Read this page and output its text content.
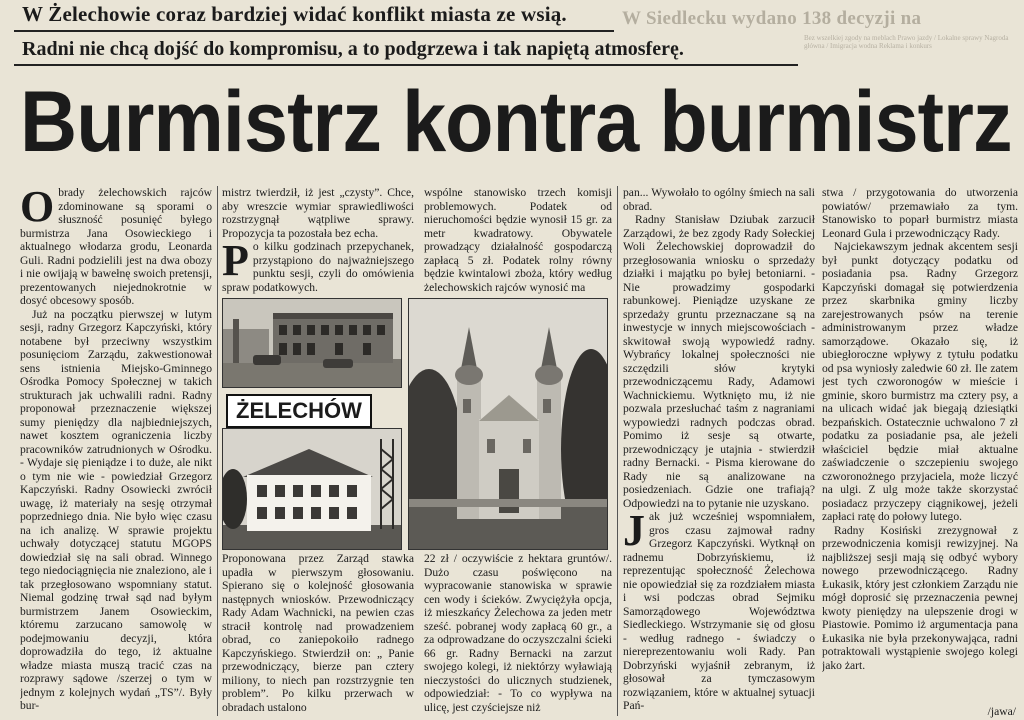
W Siedlecku wydano 138 decyzji na
Bez wszelkiej zgody na meblach Prawo jazdy / Lokalne sprawy Nagroda główna / Imigracja wodna Reklama i konkurs
W Żelechowie coraz bardziej widać konflikt miasta ze wsią.
Radni nie chcą dojść do kompromisu, a to podgrzewa i tak napiętą atmosferę.
Burmistrz kontra burmistrz

Obradу żelechowskich rajców zdominowane są sporami o słuszność posunięć byłego burmistrza Jana Osowieckiego i aktualnego włodarza grodu, Leonarda Guli. Radni podzielili jest na dwa obozy i nie owijają w bawełnę swoich pretensji, prezentowanych niejednokrotnie w dosyć obcesowy sposób.

Już na początku pierwszej w lutym sesji, radny Grzegorz Kapczyński, który notabene był przeciwny wszystkim posunięciom Zarządu, zakwestionował sens istnienia Miejsko-Gminnego Ośrodka Pomocy Społecznej w takich strukturach jak uchwalili radni. Radny proponował przeznaczenie większej sumy pieniędzy dla najbiedniejszych, nawet kosztem ograniczenia liczby pracowników zatrudnionych w Ośrodku. - Wydaje się pieniądze i to duże, ale nikt o tym nie wie - powiedział Grzegorz Kapczyński. Radny Osowiecki zwrócił uwagę, iż materiały na sesję otrzymał poprzedniego dnia. Nie było więc czasu na ich analizę. W sprawie projektu uchwały dotyczącej statutu MGOPS dowiedział się na sali obrad. Winnego tego niedociągnięcia nie znaleziono, ale i tak przegłosowano wspomniany statut. Niemal godzinę trwał sąd nad byłym burmistrzem Janem Osowieckim, któremu zarzucano samowolę w podejmowaniu decyzji, która doprowadziła do tego, iż aktualne władze miasta muszą tracić czas na rozprawy sądowe /szerzej o tym w jednym z kolejnych wydań „TS”/. Były bur-

mistrz twierdził, iż jest „czysty”. Chce, aby wreszcie wymiar sprawiedliwości rozstrzygnął wątpliwe sprawy. Propozycja ta pozostała bez echa.

Po kilku godzinach przepychanek, przystąpiono do najważniejszego punktu sesji, czyli do omówienia spraw podatkowych.

wspólne stanowisko trzech komisji problemowych. Podatek od nieruchomości będzie wynosił 15 gr. za metr kwadratowy. Obywatele prowadzący działalność gospodarczą zapłacą 5 zł. Podatek rolny równy będzie kwintalowi zboża, który według żelechowskich rajców wynosić ma

ŻELECHÓW

Proponowana przez Zarząd stawka upadła w pierwszym głosowaniu. Spierano się o kolejność głosowania następnych wniosków. Przewodniczący Rady Adam Wachnicki, na pewien czas stracił kontrolę nad prowadzeniem obrad, co zaniepokoiło radnego Kapczyńskiego. Stwierdził on: „ Panie przewodniczący, bierze pan czterу miliony, to niech pan rozstrzygnie ten problem”. Po kilku przerwach w obradach ustalono

22 zł / oczywiście z hektara gruntów/. Dużo czasu poświęcono na wypracowanie stanowiska w sprawie cen wody i ścieków. Zwyciężyła opcja, iż mieszkańcy Żelechowa za jeden metr sześć. pobranej wody zapłacą 60 gr., a za odprowadzane do oczyszczalni ścieki 66 gr. Radny Bernacki na zarzut swojego kolegi, iż niektórzy wyławiają nieczystości do ulicznych studzienek, odpowiedział: - To co wypływa na ulicę, jest czyściejsze niż

pan... Wywołało to ogólny śmiech na sali obrad.

Radny Stanisław Dziubak zarzucił Zarządowi, że bez zgody Rady Sołeckiej Woli Żelechowskiej doprowadził do przegłosowania wniosku o sprzedaży działki i majątku po byłej betoniarni. - Nie prowadzimy gospodarki rabunkowej. Pieniądze uzyskane ze sprzedaży gruntu przeznaczane są na inwestycje w innych miejscowościach -skwitował swoją wypowiedź radny. Wybrańcy lokalnej społeczności nie szczędzili słów krytyki przewodniczącemu Rady, Adamowi Wachnickiemu. Wytknięto mu, iż nie pozwala przesłuchać taśm z nagraniami wypowiedzi radnych podczas obrad. Pomimo iż sesje są otwarte, przewodniczący je utajnia - stwierdził radny Bernacki. - Pisma kierowane do Rady nie są analizowane na posiedzeniach. Gdzie one trafiają? Odpowiedzi na to pytanie nie uzyskano.

Jak już wcześniej wspomniałem, gros czasu zajmował radny Grzegorz Kapczyński. Wytknął on radnemu Dobrzyńskiemu, iż reprezentując społeczność Żelechowa nie opowiedział się za rozdziałem miasta i wsi podczas obrad Sejmiku Samorządowego Województwa Siedleckiego. Wstrzymanie się od głosu - według radnego - świadczy o niereprezentowaniu woli Rady. Pan Dobrzyński wyjaśnił zebranym, iż głosował za tymczasowym rozwiązaniem, które w aktualnej sytuacji Pań-

stwa / przygotowania do utworzenia powiatów/ przemawiało za tym. Stanowisko to poparł burmistrz miasta Leonard Gula i przewodniczący Rady.

Najciekawszym jednak akcentem sesji był punkt dotyczący podatku od posiadania psa. Radny Grzegorz Kapczyński domagał się potwierdzenia przez skarbnika gminy liczby zarejestrowanych psów na terenie administrowanym przez władze samorządowe. Okazało się, iż ubiegłoroczne wpływy z tytułu podatku od psa wyniosły zaledwie 60 zł. Ile zatem jest tych czworonogów w mieście i gminie, skoro burmistrz ma cztery psy, a na ulicach widać jak biegają dziesiątki bezpańskich. Ostatecznie uchwalono 7 zł podatku za posiadanie psa, ale jeżeli właściciel będzie miał aktualne zaświadczenie o szczepieniu swojego czworonożnego przyjaciela, może liczyć na ulgi. Z ulg może także skorzystać posiadacz przyczepy ciągnikowej, jeżeli zapłaci ratę do połowy lutego.

Radny Kosiński zrezygnował z przewodniczenia komisji rewizyjnej. Na najbliższej sesji mają się odbyć wybory nowego przewodniczącego. Radny Łukasik, który jest członkiem Zarządu nie mógł doprosić się przeznaczenia pewnej kwoty pieniędzy na ulepszenie drogi w Piastowie. Pomimo iż argumentacja pana Łukasika nie była przekonywająca, radni potraktowali wystąpienie swojego kolegi jako żart.

/jawa/
